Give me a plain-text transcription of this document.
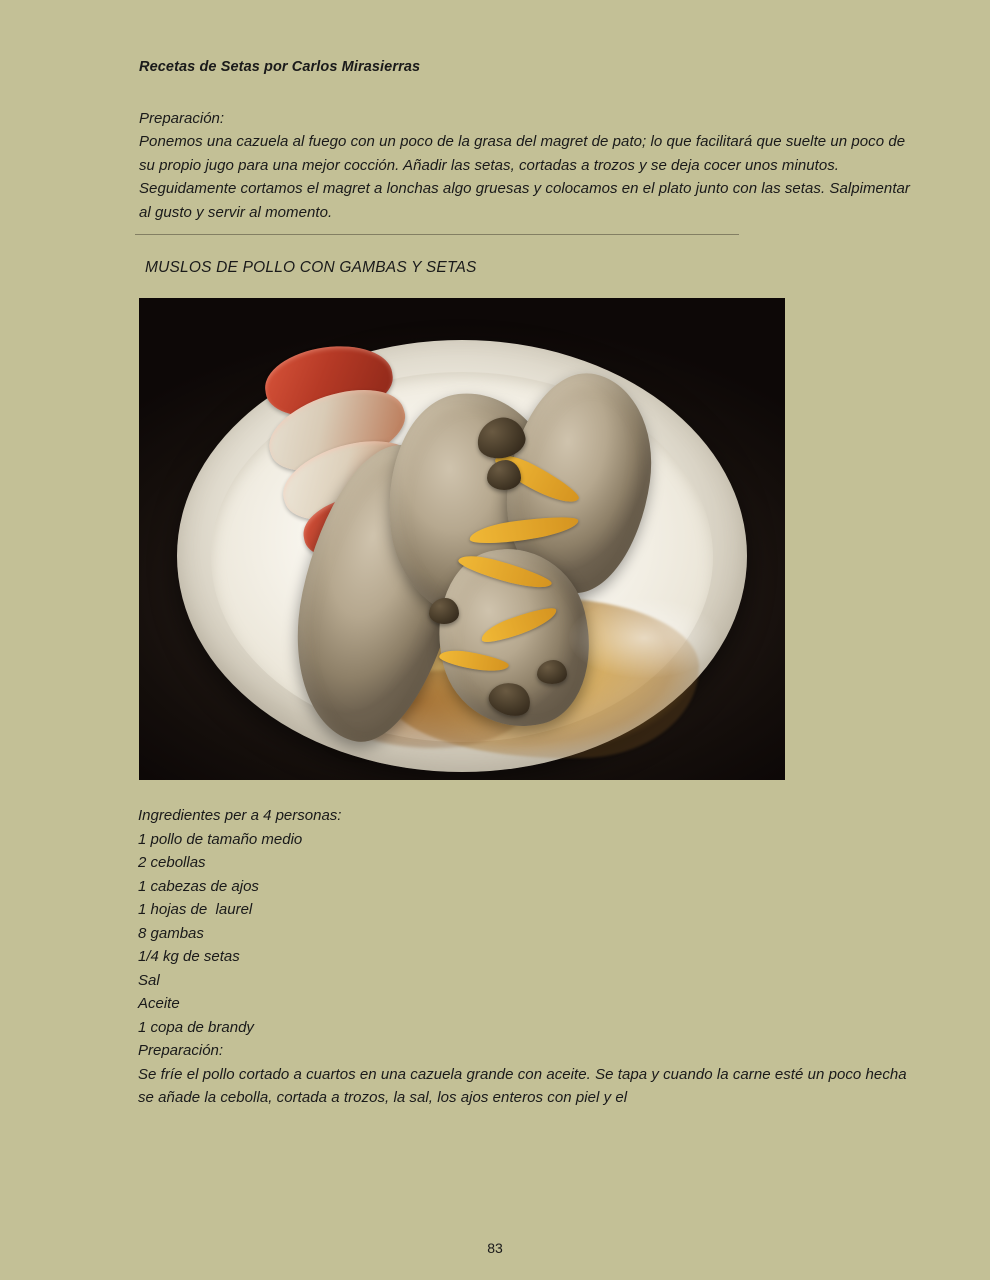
Recetas de Setas por Carlos Mirasierras
Preparación:
Ponemos una cazuela al fuego con un poco de la grasa del magret de pato; lo que facilitará que suelte un poco de su propio jugo para una mejor cocción. Añadir las setas, cortadas a trozos y se deja cocer unos minutos. Seguidamente cortamos el magret a lonchas algo gruesas y colocamos en el plato junto con las setas. Salpimentar al gusto y servir al momento.
MUSLOS DE POLLO CON GAMBAS Y SETAS
Ingredientes per a 4 personas:
1 pollo de tamaño medio
2 cebollas
1 cabezas de ajos
1 hojas de  laurel
8 gambas
1/4 kg de setas
Sal
Aceite
1 copa de brandy
Preparación:
Se fríe el pollo cortado a cuartos en una cazuela grande con aceite. Se tapa y cuando la carne esté un poco hecha se añade la cebolla, cortada a trozos, la sal, los ajos enteros con piel y el
83
